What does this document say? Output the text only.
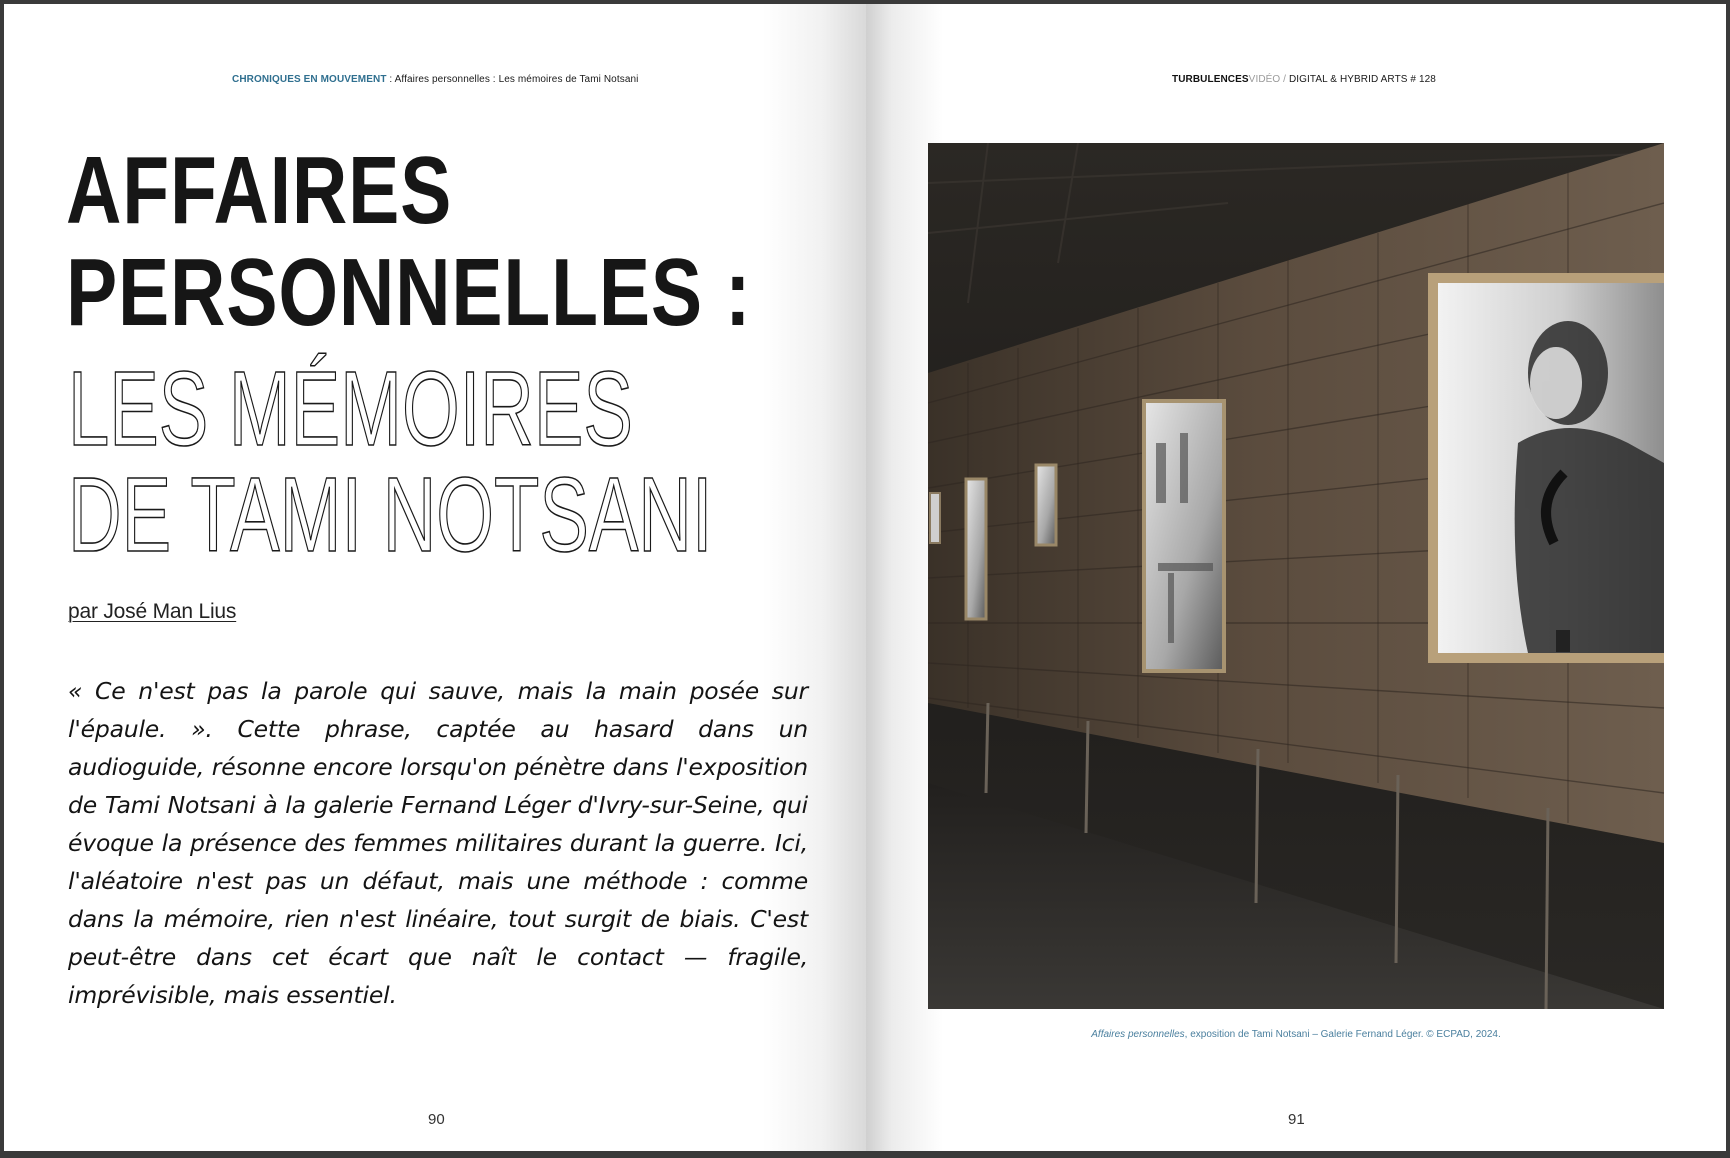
CHRONIQUES EN MOUVEMENT : Affaires personnelles : Les mémoires de Tami Notsani
AFFAIRES
PERSONNELLES :
LES MÉMOIRES
DE TAMI NOTSANI
par José Man Lius

« Ce n'est pas la parole qui sauve, mais la main posée sur l'épaule. ». Cette phrase, captée au hasard dans un audioguide, résonne encore lorsqu'on pénètre dans l'exposition de Tami Notsani à la galerie Fernand Léger d'Ivry-sur-Seine, qui évoque la présence des femmes militaires durant la guerre. Ici, l'aléatoire n'est pas un défaut, mais une méthode : comme dans la mémoire, rien n'est linéaire, tout surgit de biais. C'est peut-être dans cet écart que naît le contact — fragile, imprévisible, mais essentiel.

90
TURBULENCESVIDÉO / DIGITAL & HYBRID ARTS # 128
Affaires personnelles, exposition de Tami Notsani – Galerie Fernand Léger. © ECPAD, 2024.
91
